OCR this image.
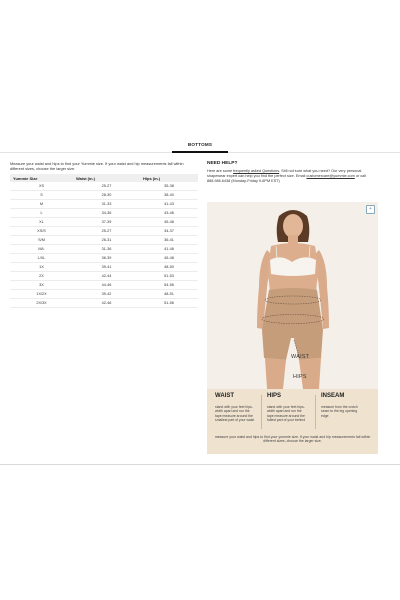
BOTTOMS

Measure your waist and hips to find your Yummie size. If your waist and hip measurements fall within different sizes, choose the larger size.

Yummie Size	Waist (in.)	Hips (in.)
XS	25-27	35-38
S	28-30	38-40
M	31-33	41-43
L	34-36	43-46
XL	37-39	45-48
XS/S	25-27	34-37
S/M	26-31	36-41
M/L	31-36	41-46
L/XL	36-39	45-48
1X	39-41	48-50
2X	42-44	51-53
3X	44-46	54-56
1X/2X	39-42	48-51
2X/3X	42-46	51-56
NEED HELP?
Here are some frequently asked Questions. Still not sure what you need? Our very personal shapewear expert can help you find the perfect size. Email customercare@yummie.com or call 888.986.6438 (Monday-Friday 9-6PM EST)
+
WAIST
HIPS
WAIST
stand with your feet hips-width apart and run the tape measure around the smallest part of your waist
HIPS
stand with your feet hips-width apart and run the tape measure around the fullest part of your behind
INSEAM
measure from the crotch seam to the leg opening edge
measure your waist and hips to find your yummie size. if your waist and hip measurements fall within different sizes, choose the larger size.
